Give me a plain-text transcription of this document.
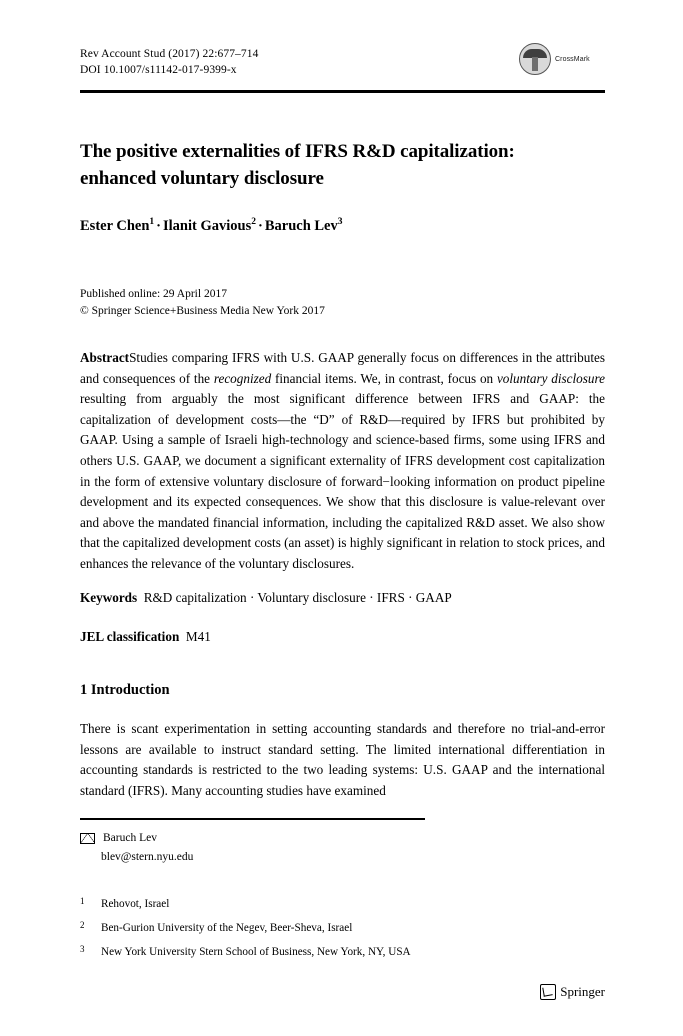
Rev Account Stud (2017) 22:677–714
DOI 10.1007/s11142-017-9399-x
CrossMark
The positive externalities of IFRS R&D capitalization: enhanced voluntary disclosure
Ester Chen$^1$ · Ilanit Gavious$^2$ · Baruch Lev$^3$
Published online: 29 April 2017
© Springer Science+Business Media New York 2017
AbstractStudies comparing IFRS with U.S. GAAP generally focus on differences in the attributes and consequences of the recognized financial items. We, in contrast, focus on voluntary disclosure resulting from arguably the most significant difference between IFRS and GAAP: the capitalization of development costs—the “D” of R&D—required by IFRS but prohibited by GAAP. Using a sample of Israeli high-technology and science-based firms, some using IFRS and others U.S. GAAP, we document a significant externality of IFRS development cost capitalization in the form of extensive voluntary disclosure of forward−looking information on product pipeline development and its expected consequences. We show that this disclosure is value-relevant over and above the mandated financial information, including the capitalized R&D asset. We also show that the capitalized development costs (an asset) is highly significant in relation to stock prices, and enhances the relevance of the voluntary disclosures.
Keywords R&D capitalization · Voluntary disclosure · IFRS · GAAP
JEL classification M41
1 Introduction
There is scant experimentation in setting accounting standards and therefore no trial-and-error lessons are available to instruct standard setting. The limited international differentiation in accounting standards is restricted to the two leading systems: U.S. GAAP and the international standard (IFRS). Many accounting studies have examined
Baruch Lev
blev@stern.nyu.edu
1 Rehovot, Israel
2 Ben-Gurion University of the Negev, Beer-Sheva, Israel
3 New York University Stern School of Business, New York, NY, USA
Springer
